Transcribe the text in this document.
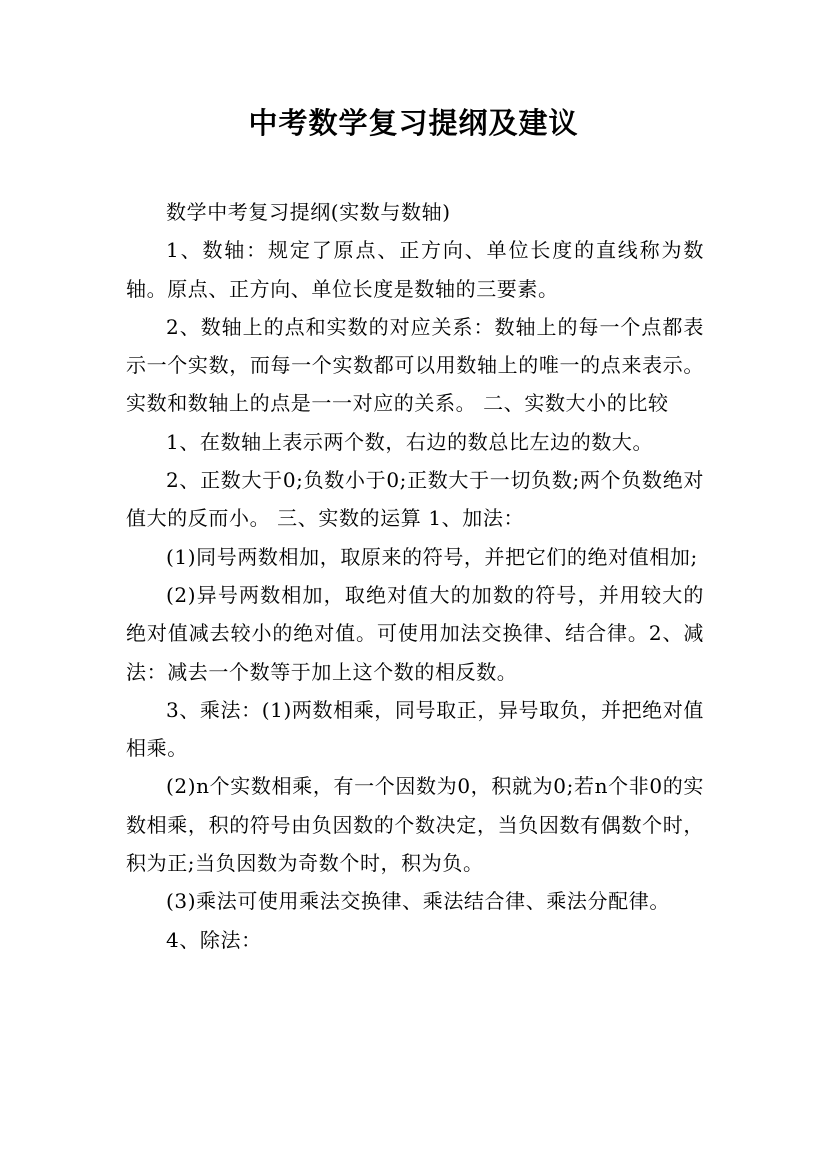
中考数学复习提纲及建议

数学中考复习提纲(实数与数轴)

1、数轴：规定了原点、正方向、单位长度的直线称为数轴。原点、正方向、单位长度是数轴的三要素。

2、数轴上的点和实数的对应关系：数轴上的每一个点都表示一个实数，而每一个实数都可以用数轴上的唯一的点来表示。实数和数轴上的点是一一对应的关系。 二、实数大小的比较

1、在数轴上表示两个数，右边的数总比左边的数大。

2、正数大于0;负数小于0;正数大于一切负数;两个负数绝对值大的反而小。 三、实数的运算 1、加法：

(1)同号两数相加，取原来的符号，并把它们的绝对值相加;

(2)异号两数相加，取绝对值大的加数的符号，并用较大的绝对值减去较小的绝对值。可使用加法交换律、结合律。2、减法：减去一个数等于加上这个数的相反数。

3、乘法：(1)两数相乘，同号取正，异号取负，并把绝对值相乘。

(2)n个实数相乘，有一个因数为0，积就为0;若n个非0的实数相乘，积的符号由负因数的个数决定，当负因数有偶数个时，积为正;当负因数为奇数个时，积为负。

(3)乘法可使用乘法交换律、乘法结合律、乘法分配律。

4、除法：
